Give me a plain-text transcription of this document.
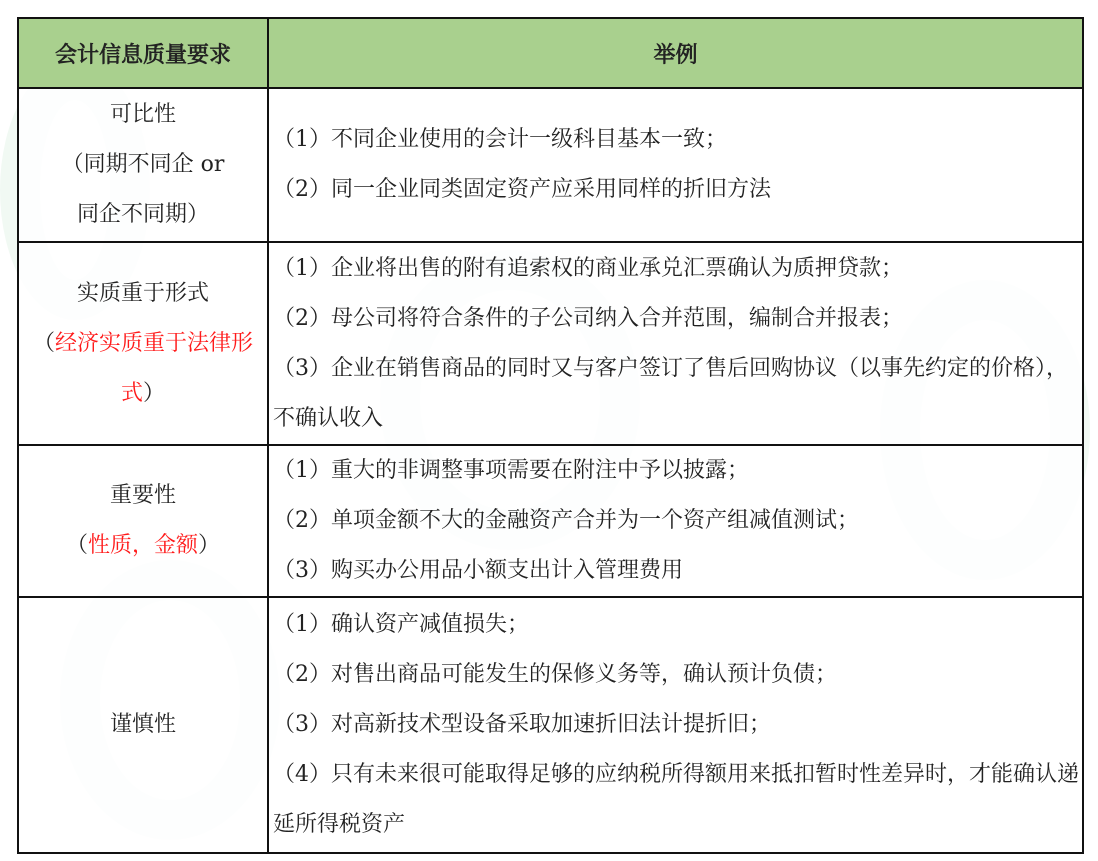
会计信息质量要求	举例

可比性
（同期不同企 or
同企不同期）	（1）不同企业使用的会计一级科目基本一致；
（2）同一企业同类固定资产应采用同样的折旧方法

实质重于形式
（经济实质重于法律形式）	（1）企业将出售的附有追索权的商业承兑汇票确认为质押贷款；
（2）母公司将符合条件的子公司纳入合并范围，编制合并报表；
（3）企业在销售商品的同时又与客户签订了售后回购协议（以事先约定的价格），不确认收入

重要性
（性质，金额）	（1）重大的非调整事项需要在附注中予以披露；
（2）单项金额不大的金融资产合并为一个资产组减值测试；
（3）购买办公用品小额支出计入管理费用

谨慎性	（1）确认资产减值损失；
（2）对售出商品可能发生的保修义务等，确认预计负债；
（3）对高新技术型设备采取加速折旧法计提折旧；
（4）只有未来很可能取得足够的应纳税所得额用来抵扣暂时性差异时，才能确认递延所得税资产
